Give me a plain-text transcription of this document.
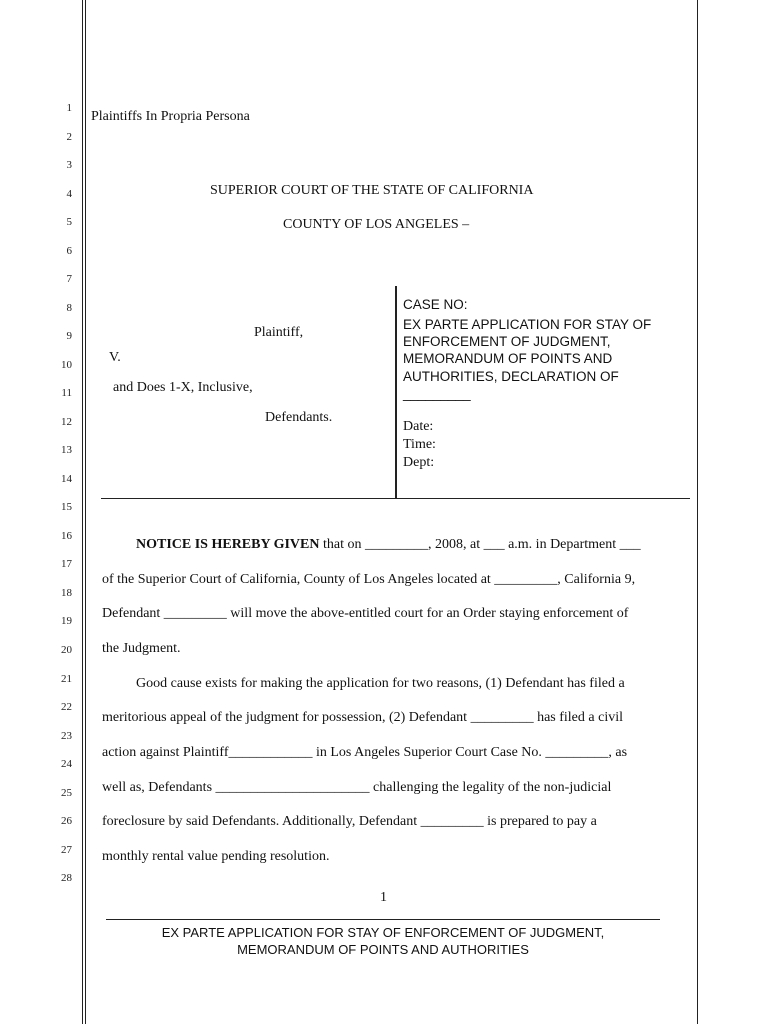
1
2
3
4
5
6
7
8
9
10
11
12
13
14
15
16
17
18
19
20
21
22
23
24
25
26
27
28
Plaintiffs In Propria Persona
SUPERIOR COURT OF THE STATE OF CALIFORNIA
COUNTY OF LOS ANGELES –
Plaintiff,
V.
and Does 1-X, Inclusive,
Defendants.
CASE NO:
EX PARTE APPLICATION FOR STAY OF
ENFORCEMENT OF JUDGMENT,
MEMORANDUM OF POINTS AND
AUTHORITIES, DECLARATION OF
_________
Date:
Time:
Dept:
NOTICE IS HEREBY GIVEN that on _________, 2008, at ___ a.m. in Department ___
of the Superior Court of California, County of Los Angeles located at _________, California 9,
Defendant _________ will move the above-entitled court for an Order staying enforcement of
the Judgment.
Good cause exists for making the application for two reasons, (1) Defendant has filed a
meritorious appeal of the judgment for possession, (2) Defendant _________ has filed a civil
action against Plaintiff____________ in Los Angeles Superior Court Case No. _________, as
well as, Defendants ______________________ challenging the legality of the non-judicial
foreclosure by said Defendants. Additionally, Defendant _________ is prepared to pay a
monthly rental value pending resolution.
1
EX PARTE APPLICATION FOR STAY OF ENFORCEMENT OF JUDGMENT,
MEMORANDUM OF POINTS AND AUTHORITIES
